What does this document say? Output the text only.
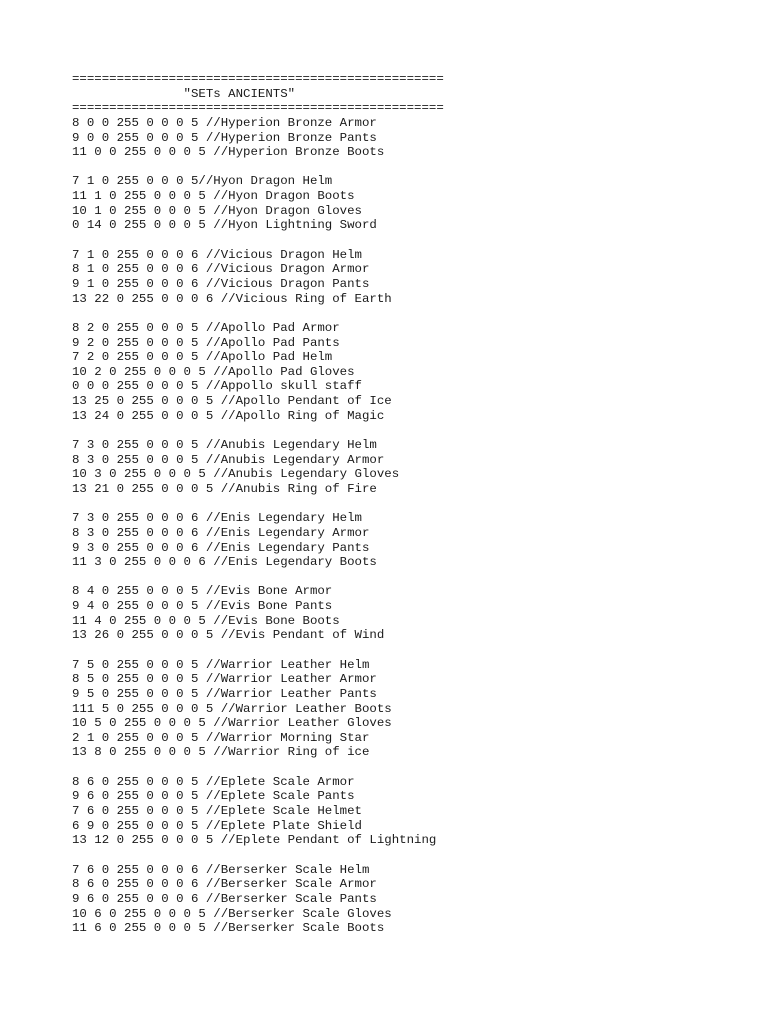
==================================================
"SETs ANCIENTS"
==================================================
8 0 0 255 0 0 0 5 //Hyperion Bronze Armor
9 0 0 255 0 0 0 5 //Hyperion Bronze Pants
11 0 0 255 0 0 0 5 //Hyperion Bronze Boots
7 1 0 255 0 0 0 5//Hyon Dragon Helm
11 1 0 255 0 0 0 5 //Hyon Dragon Boots
10 1 0 255 0 0 0 5 //Hyon Dragon Gloves
0 14 0 255 0 0 0 5 //Hyon Lightning Sword
7 1 0 255 0 0 0 6 //Vicious Dragon Helm
8 1 0 255 0 0 0 6 //Vicious Dragon Armor
9 1 0 255 0 0 0 6 //Vicious Dragon Pants
13 22 0 255 0 0 0 6 //Vicious Ring of Earth
8 2 0 255 0 0 0 5 //Apollo Pad Armor
9 2 0 255 0 0 0 5 //Apollo Pad Pants
7 2 0 255 0 0 0 5 //Apollo Pad Helm
10 2 0 255 0 0 0 5 //Apollo Pad Gloves
0 0 0 255 0 0 0 5 //Appollo skull staff
13 25 0 255 0 0 0 5 //Apollo Pendant of Ice
13 24 0 255 0 0 0 5 //Apollo Ring of Magic
7 3 0 255 0 0 0 5 //Anubis Legendary Helm
8 3 0 255 0 0 0 5 //Anubis Legendary Armor
10 3 0 255 0 0 0 5 //Anubis Legendary Gloves
13 21 0 255 0 0 0 5 //Anubis Ring of Fire
7 3 0 255 0 0 0 6 //Enis Legendary Helm
8 3 0 255 0 0 0 6 //Enis Legendary Armor
9 3 0 255 0 0 0 6 //Enis Legendary Pants
11 3 0 255 0 0 0 6 //Enis Legendary Boots
8 4 0 255 0 0 0 5 //Evis Bone Armor
9 4 0 255 0 0 0 5 //Evis Bone Pants
11 4 0 255 0 0 0 5 //Evis Bone Boots
13 26 0 255 0 0 0 5 //Evis Pendant of Wind
7 5 0 255 0 0 0 5 //Warrior Leather Helm
8 5 0 255 0 0 0 5 //Warrior Leather Armor
9 5 0 255 0 0 0 5 //Warrior Leather Pants
111 5 0 255 0 0 0 5 //Warrior Leather Boots
10 5 0 255 0 0 0 5 //Warrior Leather Gloves
2 1 0 255 0 0 0 5 //Warrior Morning Star
13 8 0 255 0 0 0 5 //Warrior Ring of ice
8 6 0 255 0 0 0 5 //Eplete Scale Armor
9 6 0 255 0 0 0 5 //Eplete Scale Pants
7 6 0 255 0 0 0 5 //Eplete Scale Helmet
6 9 0 255 0 0 0 5 //Eplete Plate Shield
13 12 0 255 0 0 0 5 //Eplete Pendant of Lightning
7 6 0 255 0 0 0 6 //Berserker Scale Helm
8 6 0 255 0 0 0 6 //Berserker Scale Armor
9 6 0 255 0 0 0 6 //Berserker Scale Pants
10 6 0 255 0 0 0 5 //Berserker Scale Gloves
11 6 0 255 0 0 0 5 //Berserker Scale Boots
